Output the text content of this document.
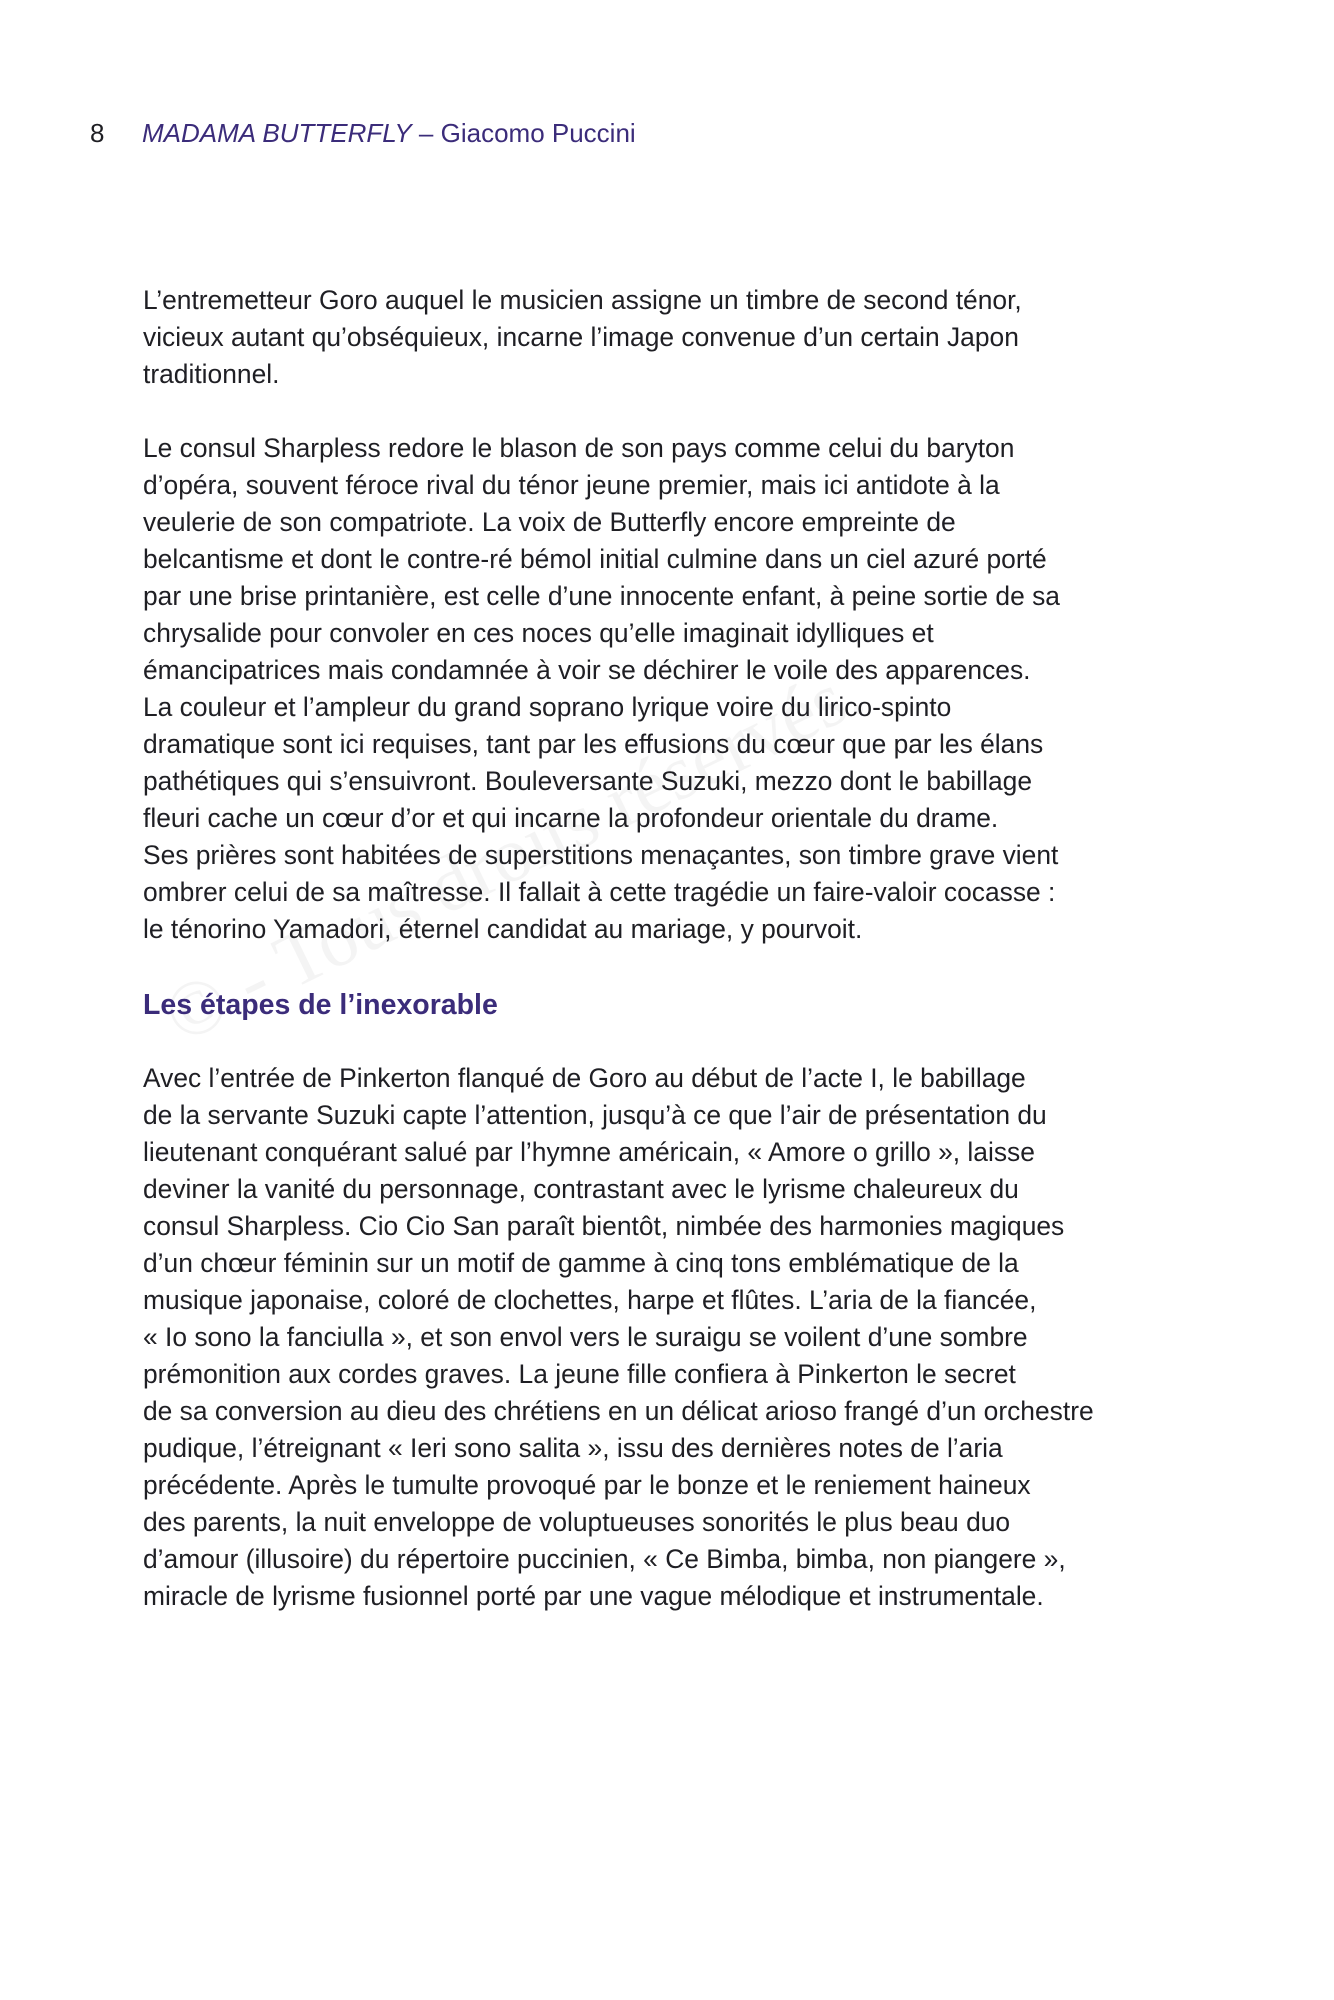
8 MADAMA BUTTERFLY – Giacomo Puccini

L’entremetteur Goro auquel le musicien assigne un timbre de second ténor,
vicieux autant qu’obséquieux, incarne l’image convenue d’un certain Japon
traditionnel.

Le consul Sharpless redore le blason de son pays comme celui du baryton
d’opéra, souvent féroce rival du ténor jeune premier, mais ici antidote à la
veulerie de son compatriote. La voix de Butterfly encore empreinte de
belcantisme et dont le contre-ré bémol initial culmine dans un ciel azuré porté
par une brise printanière, est celle d’une innocente enfant, à peine sortie de sa
chrysalide pour convoler en ces noces qu’elle imaginait idylliques et
émancipatrices mais condamnée à voir se déchirer le voile des apparences.
La couleur et l’ampleur du grand soprano lyrique voire du lirico-spinto
dramatique sont ici requises, tant par les effusions du cœur que par les élans
pathétiques qui s’ensuivront. Bouleversante Suzuki, mezzo dont le babillage
fleuri cache un cœur d’or et qui incarne la profondeur orientale du drame.
Ses prières sont habitées de superstitions menaçantes, son timbre grave vient
ombrer celui de sa maîtresse. Il fallait à cette tragédie un faire-valoir cocasse :
le ténorino Yamadori, éternel candidat au mariage, y pourvoit.

Les étapes de l’inexorable

Avec l’entrée de Pinkerton flanqué de Goro au début de l’acte I, le babillage
de la servante Suzuki capte l’attention, jusqu’à ce que l’air de présentation du
lieutenant conquérant salué par l’hymne américain, « Amore o grillo », laisse
deviner la vanité du personnage, contrastant avec le lyrisme chaleureux du
consul Sharpless. Cio Cio San paraît bientôt, nimbée des harmonies magiques
d’un chœur féminin sur un motif de gamme à cinq tons emblématique de la
musique japonaise, coloré de clochettes, harpe et flûtes. L’aria de la fiancée,
« Io sono la fanciulla », et son envol vers le suraigu se voilent d’une sombre
prémonition aux cordes graves. La jeune fille confiera à Pinkerton le secret
de sa conversion au dieu des chrétiens en un délicat arioso frangé d’un orchestre
pudique, l’étreignant « Ieri sono salita », issu des dernières notes de l’aria
précédente. Après le tumulte provoqué par le bonze et le reniement haineux
des parents, la nuit enveloppe de voluptueuses sonorités le plus beau duo
d’amour (illusoire) du répertoire puccinien, « Ce Bimba, bimba, non piangere »,
miracle de lyrisme fusionnel porté par une vague mélodique et instrumentale.
